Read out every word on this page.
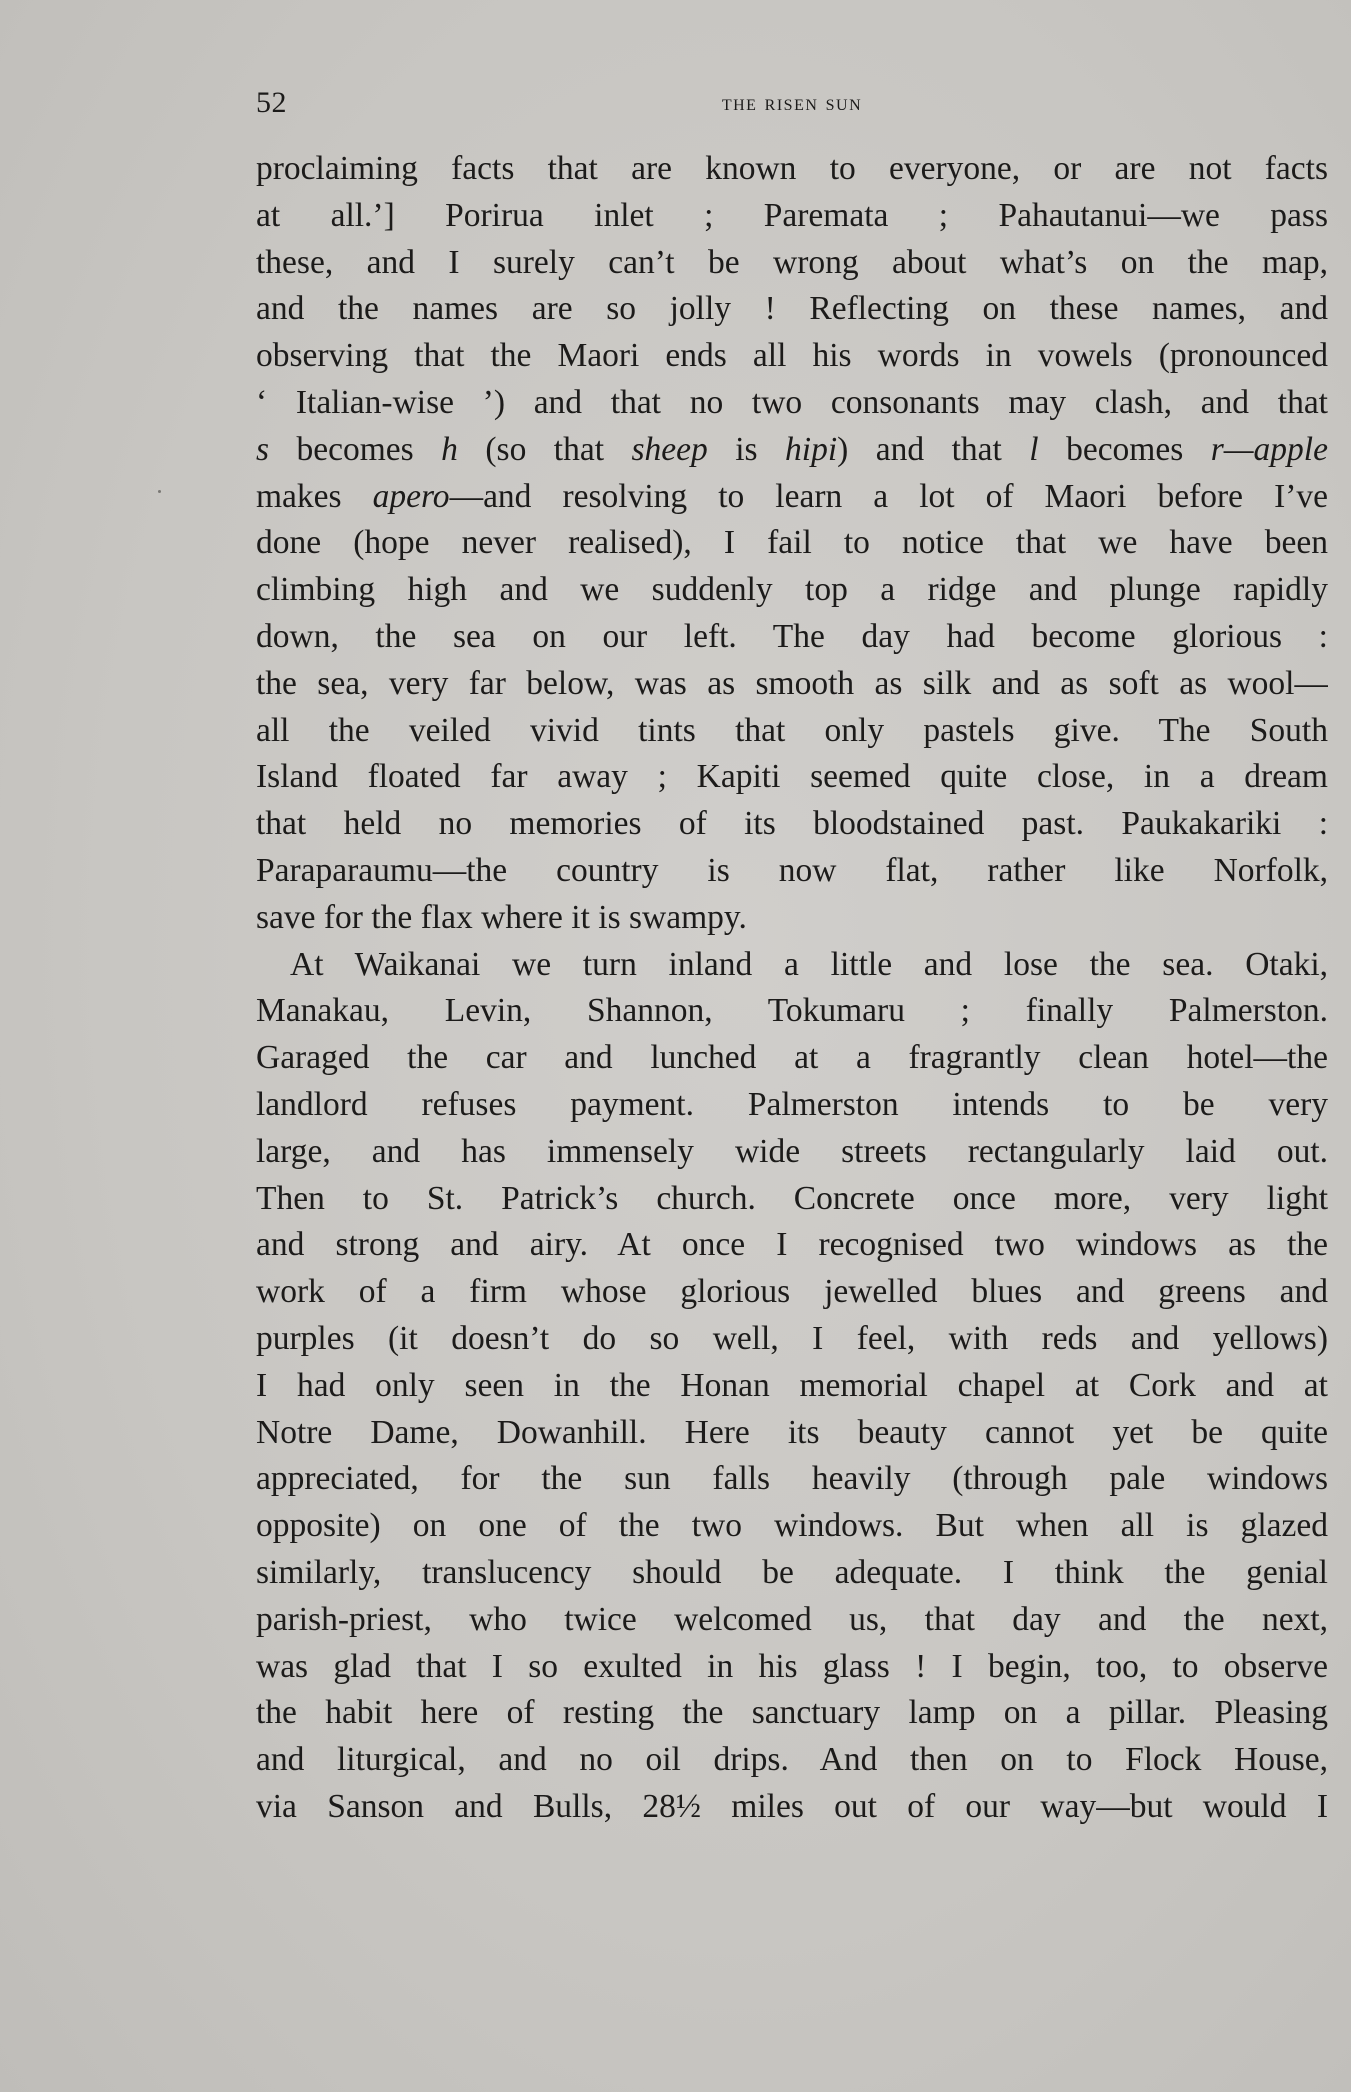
52	the risen sun
proclaiming facts that are known to everyone, or are not facts
at all.’] Porirua inlet ; Paremata ; Pahautanui—we pass
these, and I surely can’t be wrong about what’s on the map,
and the names are so jolly ! Reflecting on these names, and
observing that the Maori ends all his words in vowels (pronounced
‘ Italian-wise ’) and that no two consonants may clash, and that
s becomes h (so that sheep is hipi) and that l becomes r—apple
makes apero—and resolving to learn a lot of Maori before I’ve
done (hope never realised), I fail to notice that we have been
climbing high and we suddenly top a ridge and plunge rapidly
down, the sea on our left. The day had become glorious :
the sea, very far below, was as smooth as silk and as soft as wool—
all the veiled vivid tints that only pastels give. The South
Island floated far away ; Kapiti seemed quite close, in a dream
that held no memories of its bloodstained past. Paukakariki :
Paraparaumu—the country is now flat, rather like Norfolk,
save for the flax where it is swampy.
At Waikanai we turn inland a little and lose the sea. Otaki,
Manakau, Levin, Shannon, Tokumaru ; finally Palmerston.
Garaged the car and lunched at a fragrantly clean hotel—the
landlord refuses payment. Palmerston intends to be very
large, and has immensely wide streets rectangularly laid out.
Then to St. Patrick’s church. Concrete once more, very light
and strong and airy. At once I recognised two windows as the
work of a firm whose glorious jewelled blues and greens and
purples (it doesn’t do so well, I feel, with reds and yellows)
I had only seen in the Honan memorial chapel at Cork and at
Notre Dame, Dowanhill. Here its beauty cannot yet be quite
appreciated, for the sun falls heavily (through pale windows
opposite) on one of the two windows. But when all is glazed
similarly, translucency should be adequate. I think the genial
parish-priest, who twice welcomed us, that day and the next,
was glad that I so exulted in his glass ! I begin, too, to observe
the habit here of resting the sanctuary lamp on a pillar. Pleasing
and liturgical, and no oil drips. And then on to Flock House,
via Sanson and Bulls, 28½ miles out of our way—but would I
